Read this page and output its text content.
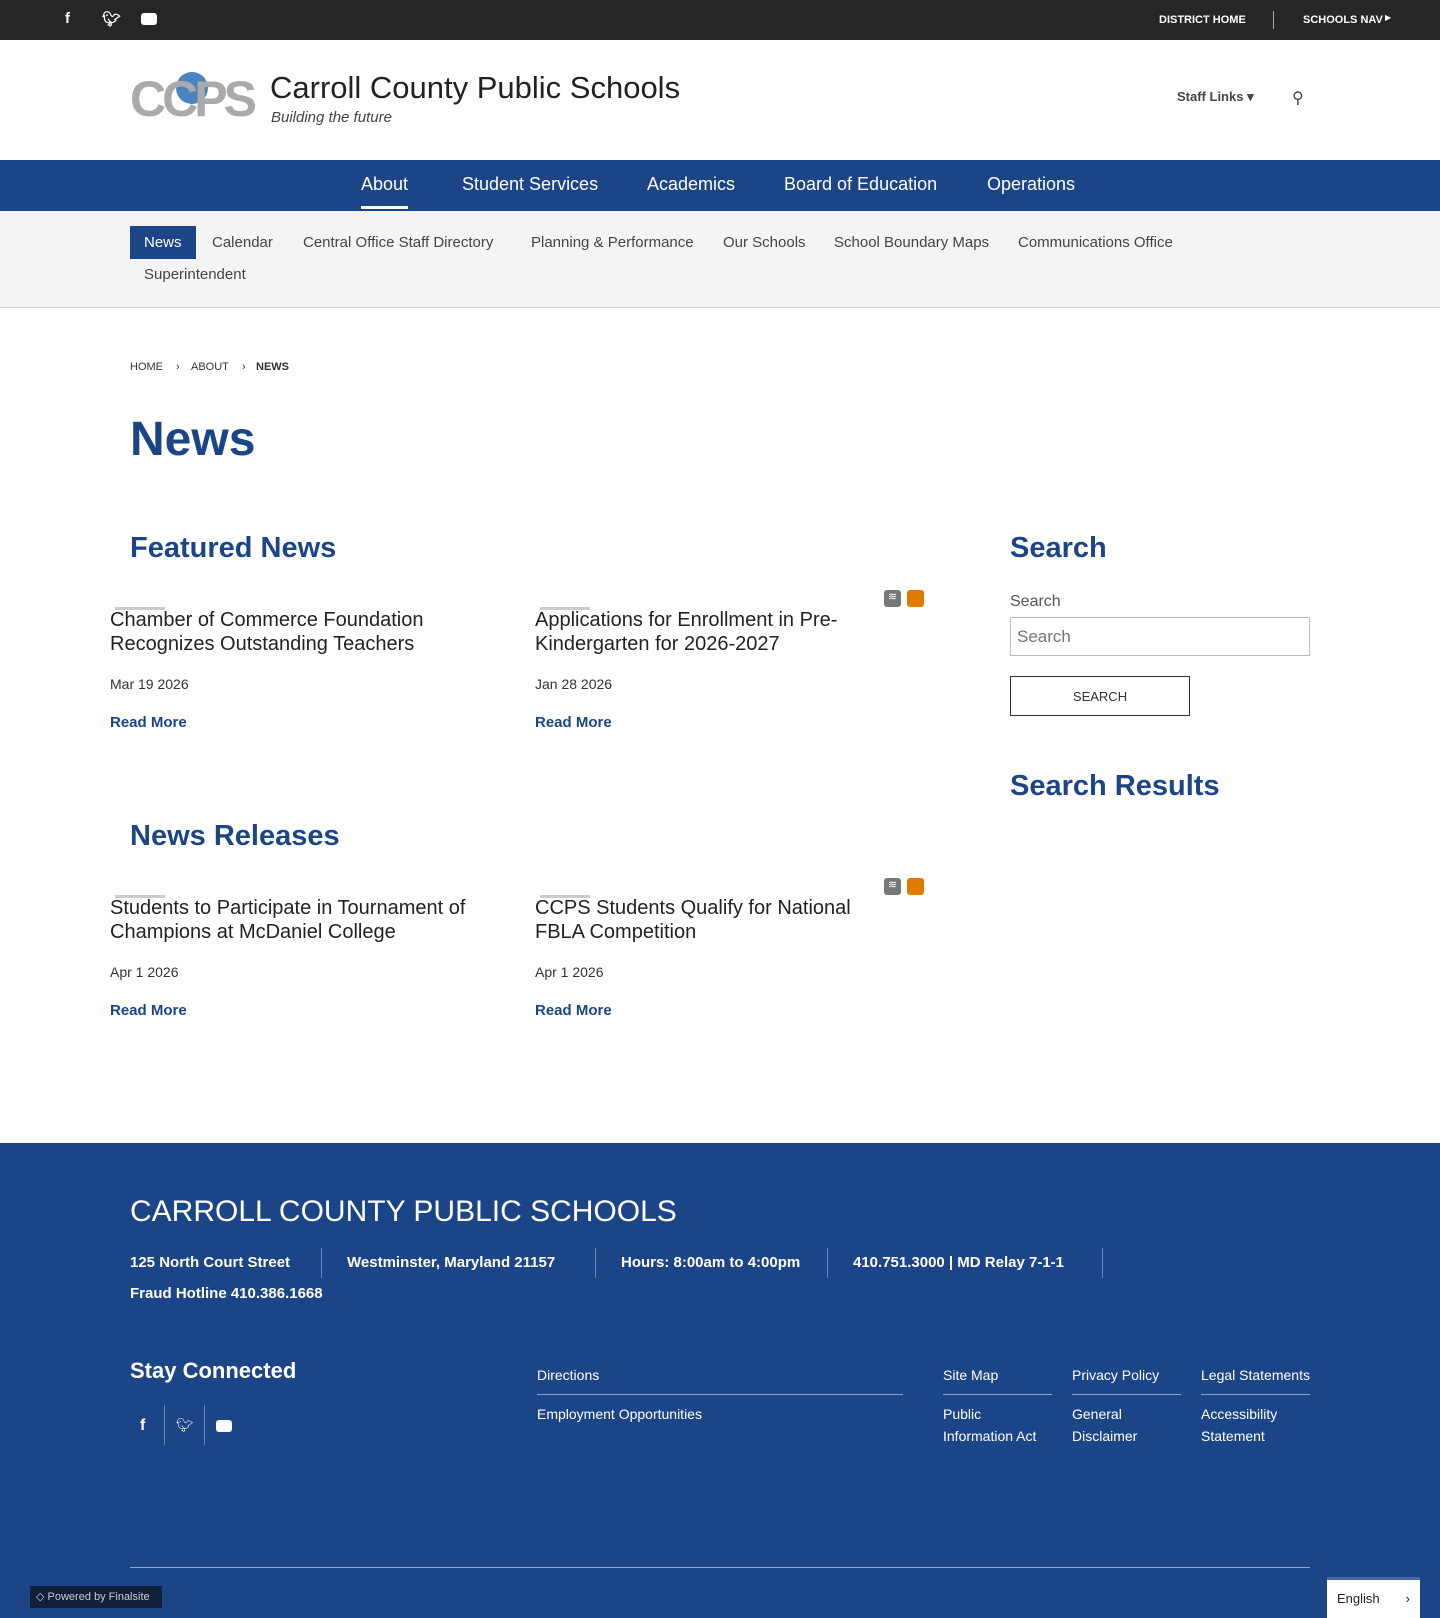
f 🐦︎	DISTRICT HOME	SCHOOLS NAV ▶
CCPS Carroll County Public Schools
Building the future
Staff Links ▾ ⚲
About	Student Services	Academics	Board of Education	Operations
News	Calendar Central Office Staff Directory	Planning & Performance Our Schools School Boundary Maps Communications Office
Superintendent
HOME › ABOUT › NEWS
News
Featured News
≋
Chamber of Commerce Foundation Recognizes Outstanding Teachers
Mar 19 2026
Read More
Applications for Enrollment in Pre-Kindergarten for 2026-2027
Jan 28 2026
Read More
News Releases
≋
Students to Participate in Tournament of Champions at McDaniel College
Apr 1 2026
Read More
CCPS Students Qualify for National FBLA Competition
Apr 1 2026
Read More
Search
Search
Search
SEARCH
Search Results
CARROLL COUNTY PUBLIC SCHOOLS
125 North Court Street	Westminster, Maryland 21157	Hours: 8:00am to 4:00pm	410.751.3000 | MD Relay 7-1-1
Fraud Hotline 410.386.1668
Stay Connected
f 🐦︎
Directions
Employment Opportunities
Site Map
Public Information Act
Privacy Policy
General Disclaimer
Legal Statements
Accessibility Statement
◇ Powered by Finalsite	English ›
